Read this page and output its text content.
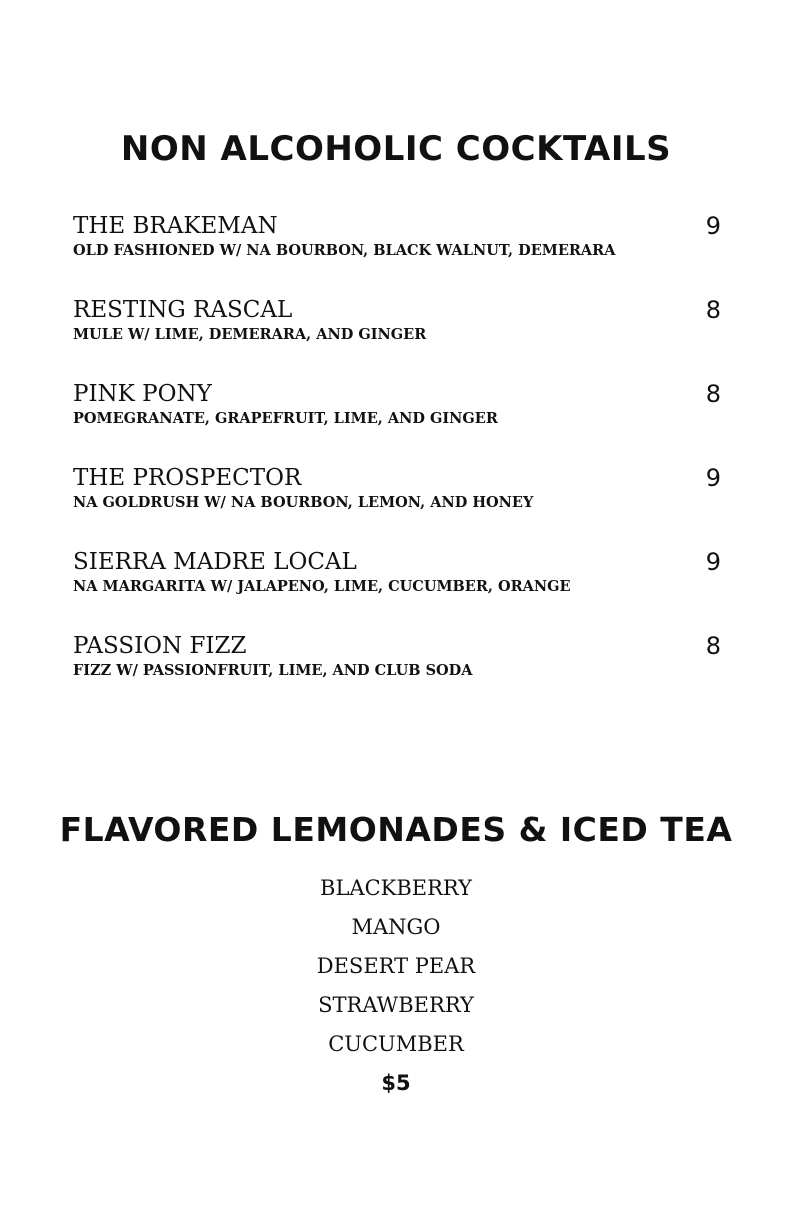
NON ALCOHOLIC COCKTAILS
THE BRAKEMAN	9
OLD FASHIONED W/ NA BOURBON, BLACK WALNUT, DEMERARA
RESTING RASCAL	8
MULE W/ LIME, DEMERARA, AND GINGER
PINK PONY	8
POMEGRANATE, GRAPEFRUIT, LIME, AND GINGER
THE PROSPECTOR	9
NA GOLDRUSH W/ NA BOURBON, LEMON, AND HONEY
SIERRA MADRE LOCAL	9
NA MARGARITA W/ JALAPENO, LIME, CUCUMBER, ORANGE
PASSION FIZZ	8
FIZZ W/ PASSIONFRUIT, LIME, AND CLUB SODA
FLAVORED LEMONADES & ICED TEA
BLACKBERRY
MANGO
DESERT PEAR
STRAWBERRY
CUCUMBER
$5
